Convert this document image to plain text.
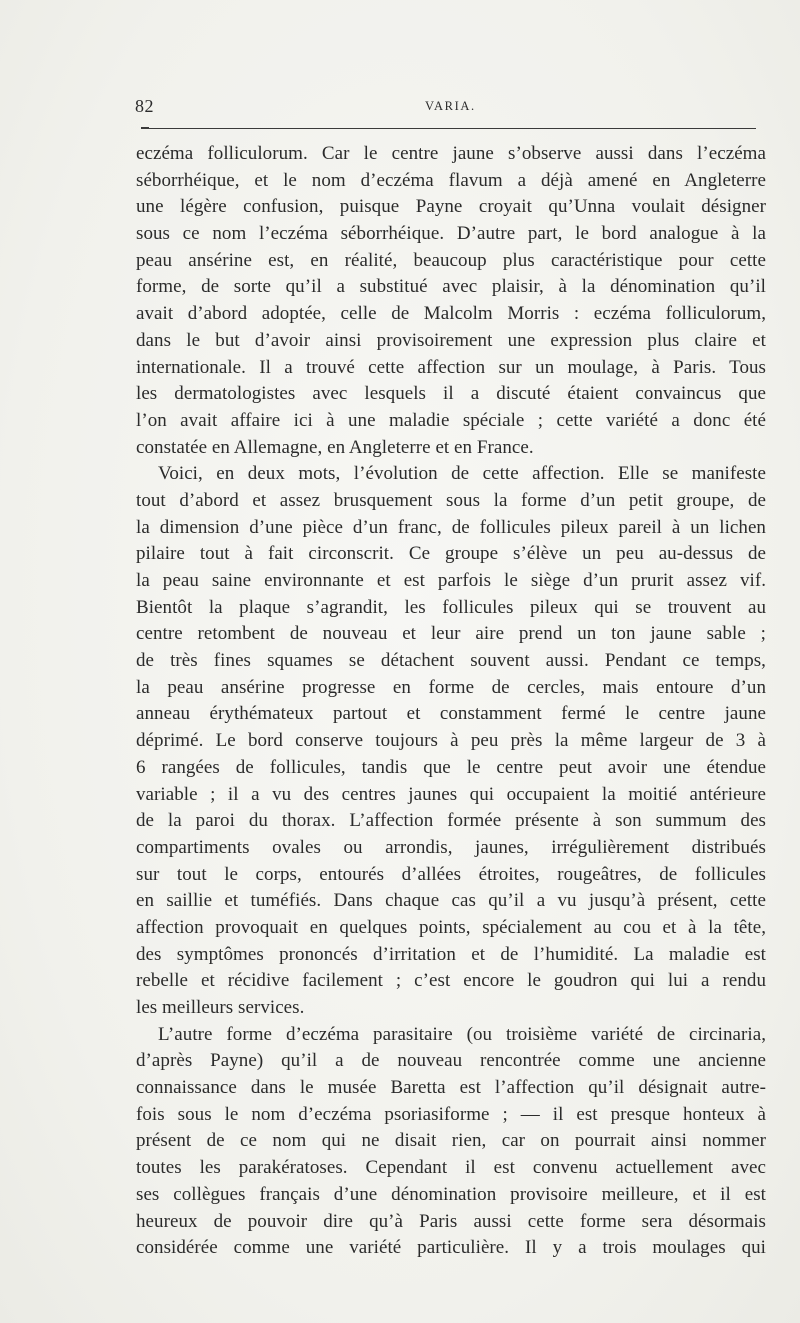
82	VARIA.
eczéma folliculorum. Car le centre jaune s’observe aussi dans l’eczéma
séborrhéique, et le nom d’eczéma flavum a déjà amené en Angleterre
une légère confusion, puisque Payne croyait qu’Unna voulait désigner
sous ce nom l’eczéma séborrhéique. D’autre part, le bord analogue à la
peau ansérine est, en réalité, beaucoup plus caractéristique pour cette
forme, de sorte qu’il a substitué avec plaisir, à la dénomination qu’il
avait d’abord adoptée, celle de Malcolm Morris : eczéma folliculorum,
dans le but d’avoir ainsi provisoirement une expression plus claire et
internationale. Il a trouvé cette affection sur un moulage, à Paris. Tous
les dermatologistes avec lesquels il a discuté étaient convaincus que
l’on avait affaire ici à une maladie spéciale ; cette variété a donc été
constatée en Allemagne, en Angleterre et en France.
Voici, en deux mots, l’évolution de cette affection. Elle se manifeste
tout d’abord et assez brusquement sous la forme d’un petit groupe, de
la dimension d’une pièce d’un franc, de follicules pileux pareil à un lichen
pilaire tout à fait circonscrit. Ce groupe s’élève un peu au-dessus de
la peau saine environnante et est parfois le siège d’un prurit assez vif.
Bientôt la plaque s’agrandit, les follicules pileux qui se trouvent au
centre retombent de nouveau et leur aire prend un ton jaune sable ;
de très fines squames se détachent souvent aussi. Pendant ce temps,
la peau ansérine progresse en forme de cercles, mais entoure d’un
anneau érythémateux partout et constamment fermé le centre jaune
déprimé. Le bord conserve toujours à peu près la même largeur de 3 à
6 rangées de follicules, tandis que le centre peut avoir une étendue
variable ; il a vu des centres jaunes qui occupaient la moitié antérieure
de la paroi du thorax. L’affection formée présente à son summum des
compartiments ovales ou arrondis, jaunes, irrégulièrement distribués
sur tout le corps, entourés d’allées étroites, rougeâtres, de follicules
en saillie et tuméfiés. Dans chaque cas qu’il a vu jusqu’à présent, cette
affection provoquait en quelques points, spécialement au cou et à la tête,
des symptômes prononcés d’irritation et de l’humidité. La maladie est
rebelle et récidive facilement ; c’est encore le goudron qui lui a rendu
les meilleurs services.
L’autre forme d’eczéma parasitaire (ou troisième variété de circinaria,
d’après Payne) qu’il a de nouveau rencontrée comme une ancienne
connaissance dans le musée Baretta est l’affection qu’il désignait autre-
fois sous le nom d’eczéma psoriasiforme ; — il est presque honteux à
présent de ce nom qui ne disait rien, car on pourrait ainsi nommer
toutes les parakératoses. Cependant il est convenu actuellement avec
ses collègues français d’une dénomination provisoire meilleure, et il est
heureux de pouvoir dire qu’à Paris aussi cette forme sera désormais
considérée comme une variété particulière. Il y a trois moulages qui
